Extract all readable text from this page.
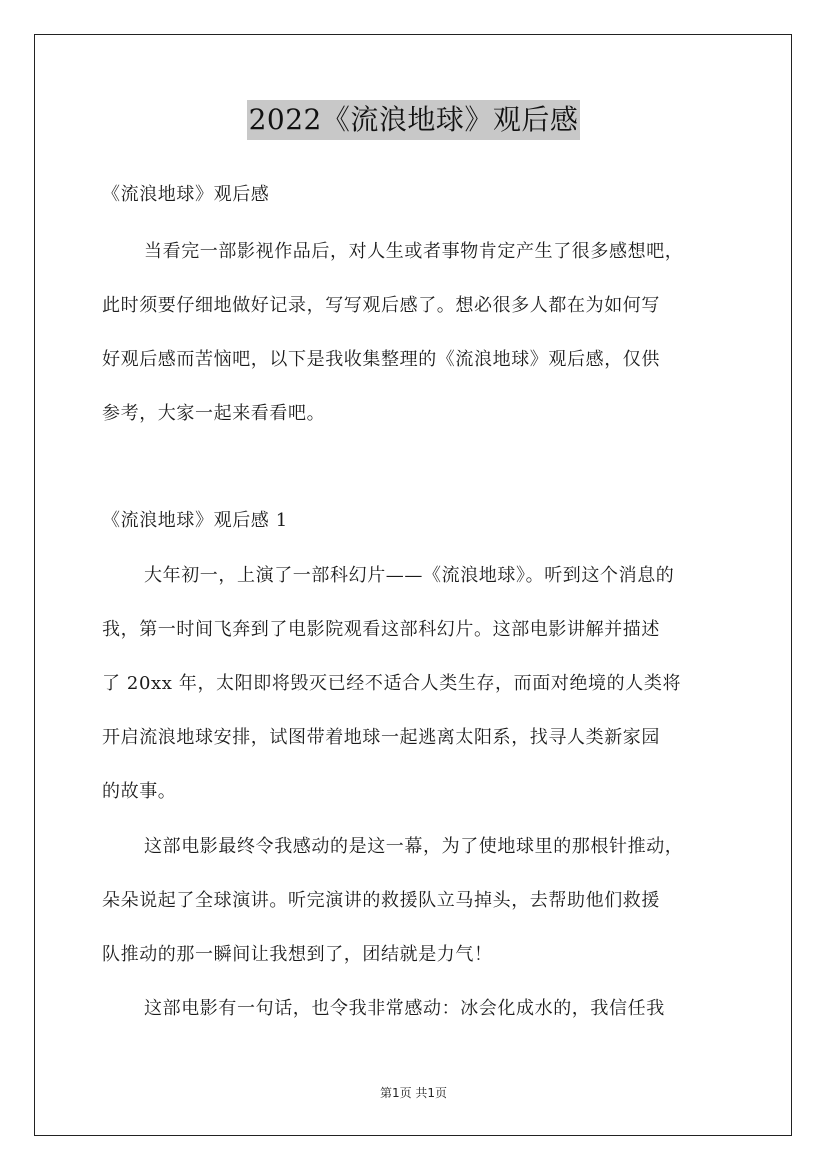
2022《流浪地球》观后感
《流浪地球》观后感
当看完一部影视作品后，对人生或者事物肯定产生了很多感想吧，
此时须要仔细地做好记录，写写观后感了。想必很多人都在为如何写
好观后感而苦恼吧，以下是我收集整理的《流浪地球》观后感，仅供
参考，大家一起来看看吧。
《流浪地球》观后感 1
大年初一，上演了一部科幻片——《流浪地球》。听到这个消息的
我，第一时间飞奔到了电影院观看这部科幻片。这部电影讲解并描述
了 20xx 年，太阳即将毁灭已经不适合人类生存，而面对绝境的人类将
开启流浪地球安排，试图带着地球一起逃离太阳系，找寻人类新家园
的故事。
这部电影最终令我感动的是这一幕，为了使地球里的那根针推动，
朵朵说起了全球演讲。听完演讲的救援队立马掉头，去帮助他们救援
队推动的那一瞬间让我想到了，团结就是力气！
这部电影有一句话，也令我非常感动：冰会化成水的，我信任我
第1页 共1页
